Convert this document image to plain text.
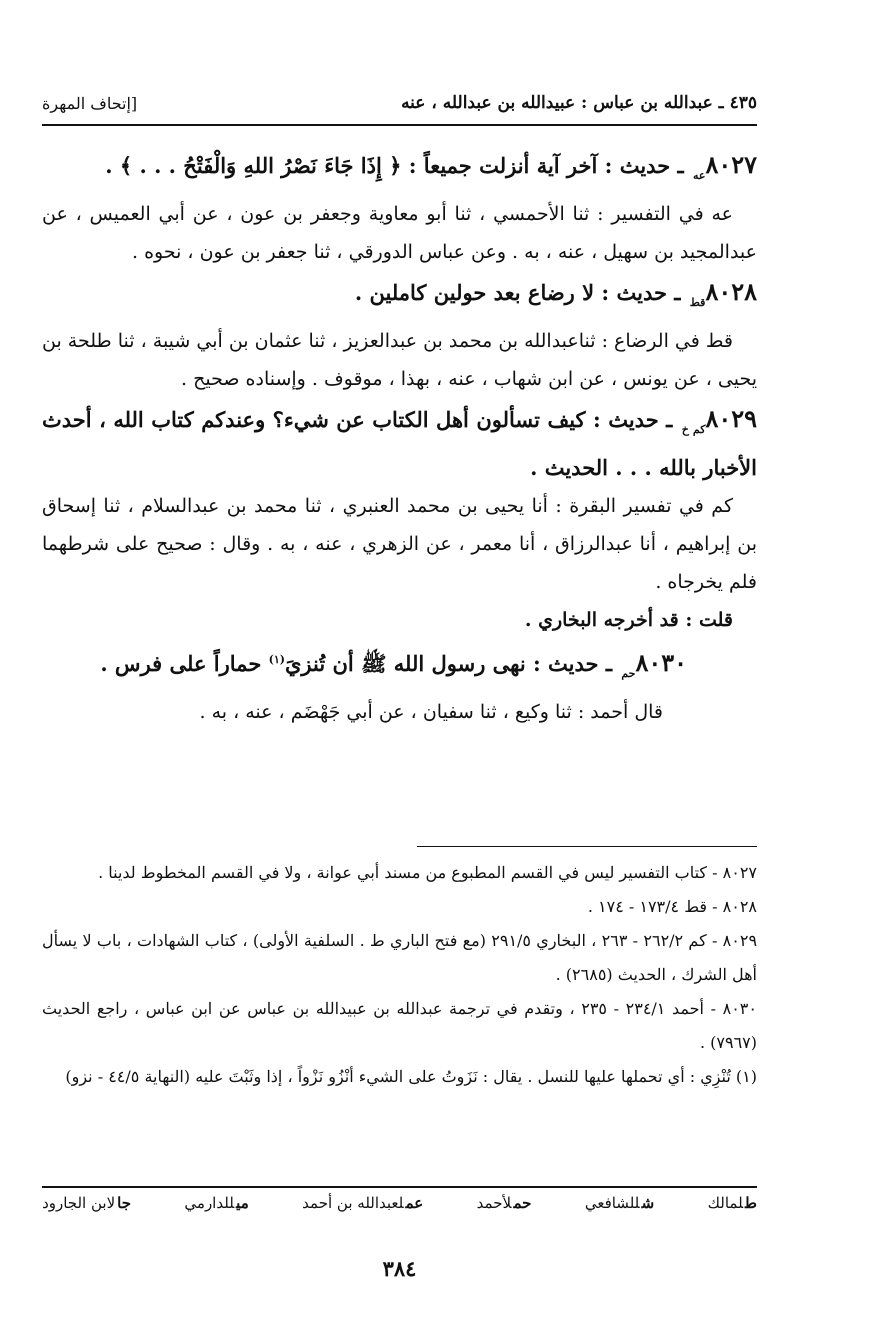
٤٣٥ ـ عبدالله بن عباس : عبيدالله بن عبدالله ، عنه
[إتحاف المهرة
$٨٠٢٧_{عه}$ ـ حديث : آخر آية أنزلت جميعاً : ﴿ إِذَا جَاءَ نَصْرُ اللهِ وَالْفَتْحُ . . . ﴾ .
عه في التفسير : ثنا الأحمسي ، ثنا أبو معاوية وجعفر بن عون ، عن أبي العميس ، عن عبدالمجيد بن سهيل ، عنه ، به . وعن عباس الدورقي ، ثنا جعفر بن عون ، نحوه .
$٨٠٢٨_{قط}$ ـ حديث : لا رضاع بعد حولين كاملين .
قط في الرضاع : ثناعبدالله بن محمد بن عبدالعزيز ، ثنا عثمان بن أبي شيبة ، ثنا طلحة بن يحيى ، عن يونس ، عن ابن شهاب ، عنه ، بهذا ، موقوف . وإسناده صحيح .
$٨٠٢٩_{كم خ}$ ـ حديث : كيف تسألون أهل الكتاب عن شيء؟ وعندكم كتاب الله ، أحدث الأخبار بالله . . . الحديث .
كم في تفسير البقرة : أنا يحيى بن محمد العنبري ، ثنا محمد بن عبدالسلام ، ثنا إسحاق بن إبراهيم ، أنا عبدالرزاق ، أنا معمر ، عن الزهري ، عنه ، به . وقال : صحيح على شرطهما فلم يخرجاه .
قلت : قد أخرجه البخاري .
$٨٠٣٠_{حم}$ ـ حديث : نهى رسول الله ﷺ أن تُنزيَ$^{(١)}$ حماراً على فرس .
قال أحمد : ثنا وكيع ، ثنا سفيان ، عن أبي جَهْضَم ، عنه ، به .

٨٠٢٧ - كتاب التفسير ليس في القسم المطبوع من مسند أبي عوانة ، ولا في القسم المخطوط لدينا .

٨٠٢٨ - قط ١٧٣/٤ - ١٧٤ .

٨٠٢٩ - كم ٢٦٢/٢ - ٢٦٣ ، البخاري ٢٩١/٥ (مع فتح الباري ط . السلفية الأولى) ، كتاب الشهادات ، باب لا يسأل أهل الشرك ، الحديث (٢٦٨٥) .

٨٠٣٠ - أحمد ٢٣٤/١ - ٢٣٥ ، وتقدم في ترجمة عبدالله بن عبيدالله بن عباس عن ابن عباس ، راجع الحديث (٧٩٦٧) .

(١) تُنْزِي : أي تحملها عليها للنسل . يقال : نَزَوتُ على الشيء أنْزُو نَزْواً ، إذا وثَبْتَ عليه (النهاية ٤٤/٥ - نزو)

طلمالك
شللشافعي
حملأحمد
عملعبدالله بن أحمد
ميللدارمي
جالابن الجارود
٣٨٤
